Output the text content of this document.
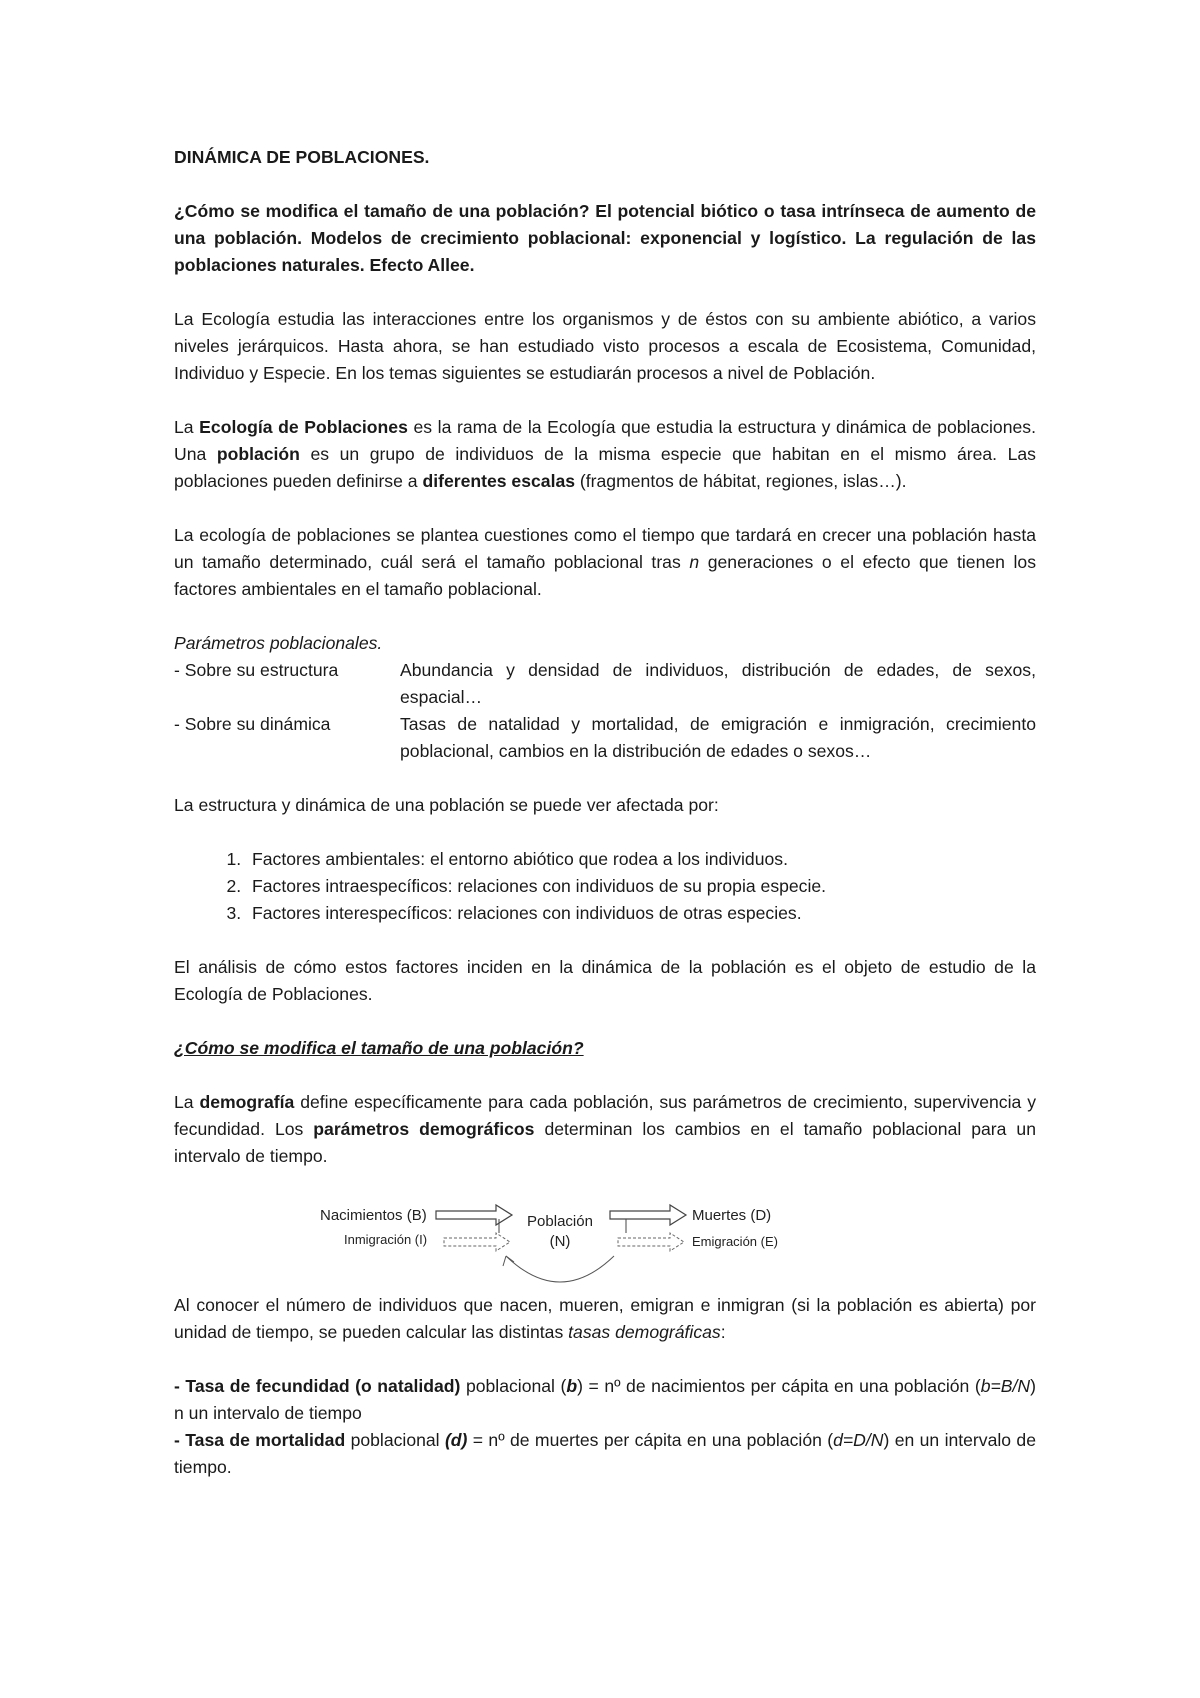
DINÁMICA DE POBLACIONES.

¿Cómo se modifica el tamaño de una población? El potencial biótico o tasa intrínseca de aumento de una población. Modelos de crecimiento poblacional: exponencial y logístico. La regulación de las poblaciones naturales. Efecto Allee.

La Ecología estudia las interacciones entre los organismos y de éstos con su ambiente abiótico, a varios niveles jerárquicos. Hasta ahora, se han estudiado visto procesos a escala de Ecosistema, Comunidad, Individuo y Especie. En los temas siguientes se estudiarán procesos a nivel de Población.

La Ecología de Poblaciones es la rama de la Ecología que estudia la estructura y dinámica de poblaciones. Una población es un grupo de individuos de la misma especie que habitan en el mismo área. Las poblaciones pueden definirse a diferentes escalas (fragmentos de hábitat, regiones, islas…).

La ecología de poblaciones se plantea cuestiones como el tiempo que tardará en crecer una población hasta un tamaño determinado, cuál será el tamaño poblacional tras n generaciones o el efecto que tienen los factores ambientales en el tamaño poblacional.

Parámetros poblacionales.

- Sobre su estructura	Abundancia y densidad de individuos, distribución de edades, de sexos, espacial…
- Sobre su dinámica	Tasas de natalidad y mortalidad, de emigración e inmigración, crecimiento poblacional, cambios en la distribución de edades o sexos…

La estructura y dinámica de una población se puede ver afectada por:

1. Factores ambientales: el entorno abiótico que rodea a los individuos.
2. Factores intraespecíficos: relaciones con individuos de su propia especie.
3. Factores interespecíficos: relaciones con individuos de otras especies.

El análisis de cómo estos factores inciden en la dinámica de la población es el objeto de estudio de la Ecología de Poblaciones.

¿Cómo se modifica el tamaño de una población?

La demografía define específicamente para cada población, sus parámetros de crecimiento, supervivencia y fecundidad. Los parámetros demográficos determinan los cambios en el tamaño poblacional para un intervalo de tiempo.

Nacimientos (B)
Inmigración (I)
Población
(N)
Muertes (D)
Emigración (E)

Al conocer el número de individuos que nacen, mueren, emigran e inmigran (si la población es abierta) por unidad de tiempo, se pueden calcular las distintas tasas demográficas:

- Tasa de fecundidad (o natalidad) poblacional (b) = nº de nacimientos per cápita en una población (b=B/N) n un intervalo de tiempo

- Tasa de mortalidad poblacional (d) = nº de muertes per cápita en una población (d=D/N) en un intervalo de tiempo.
